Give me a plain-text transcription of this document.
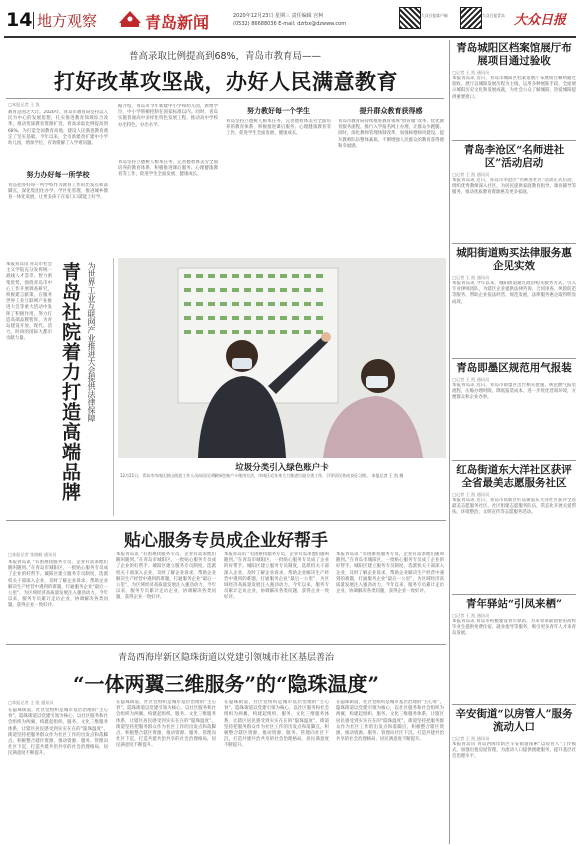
14 地方观察	青岛新闻	2020年12月23日 星期三 责任编辑 宫柯
(0532) 86688036 E-mail: dzrbx@dzwww.com
大众日报客户端	大众日报青岛 大众日报
普高录取比例提高到68%，青岛市教育局——
打好改革攻坚战，办好人民满意教育
□本报记者 王 凯
教育是国之大计。2020年，青岛市教育局坚持以人民为中心的发展思想，扎实推进教育领域综合改革，推动优质教育资源扩容，普高录取比例提高到68%，为打造全国教育高地、建设人民满意教育奠定了坚实基础。今年以来，全市新建改扩建中小学幼儿园，增加学位，有效缓解了入学难问题。
努力办好每一所学校
青岛把办好每一所学校作为教育工作的出发点和落脚点，深化集团化办学、学区化管理，推进城乡教育一体化发展，让更多孩子在家门口就能上好学。
据介绍，青岛市今年新建中小学和幼儿园，新增学位，中小学班额控制在国家标准以内。同时，青岛实施普通高中多样化特色发展工程，推动高中学校办出特色、办出水平。
青岛坚持立德树人根本任务，完善德智体美劳全面培养的教育体系，积极推进课后服务、心理健康教育等工作，促进学生全面发展、健康成长。
努力教好每一个学生
青岛坚持立德树人根本任务，完善德智体美劳全面培养的教育体系，积极推进课后服务、心理健康教育等工作，促进学生全面发展、健康成长。
提升群众教育获得感
青岛市教育局持续推进教育领域“放管服”改革，优化教育服务流程，推行入学报名网上办理，让群众少跑腿。同时，深化教师管理体制改革，加强师德师风建设，提升教师队伍整体素质，不断增强人民群众的教育获得感和幸福感。
垃圾分类引入绿色账户卡
12月21日，青岛市市南区湛山街道工作人员向居民讲解绿色账户卡使用方法，市南区近年来大力推进垃圾分类工作，引导居民养成良好习惯。 本报记者 王 凯 摄
为世界工业互联网产业推进大会提供法律保障
青岛社院着力打造高端品牌
本报青岛讯 青岛市社会主义学院充分发挥统一战线人才荟萃、智力密集优势，围绕青岛市中心工作开展调查研究，积极建言献策，在服务世界工业互联网产业推进大会等重大活动中发挥了积极作用，努力打造高端品牌智库，为青岛建设开放、现代、活力、时尚的国际大都市贡献力量。
贴心服务专员成企业好帮手
□本报记者 张晓帆 通讯员
本报青岛讯 “有困难找服务专员，企业有需求他们随叫随到。”在青岛市城阳区，一批贴心服务专员成了企业的好帮手。城阳区建立服务专员制度，选派机关干部深入企业，及时了解企业诉求，帮助企业解决生产经营中遇到的难题，打通服务企业“最后一公里”，为区域经济高质量发展注入强劲动力。今年以来，服务专员累计走访企业，协调解决各类问题，获得企业一致好评。
本报青岛讯 “有困难找服务专员，企业有需求他们随叫随到。”在青岛市城阳区，一批贴心服务专员成了企业的好帮手。城阳区建立服务专员制度，选派机关干部深入企业，及时了解企业诉求，帮助企业解决生产经营中遇到的难题，打通服务企业“最后一公里”，为区域经济高质量发展注入强劲动力。今年以来，服务专员累计走访企业，协调解决各类问题，获得企业一致好评。
本报青岛讯 “有困难找服务专员，企业有需求他们随叫随到。”在青岛市城阳区，一批贴心服务专员成了企业的好帮手。城阳区建立服务专员制度，选派机关干部深入企业，及时了解企业诉求，帮助企业解决生产经营中遇到的难题，打通服务企业“最后一公里”，为区域经济高质量发展注入强劲动力。今年以来，服务专员累计走访企业，协调解决各类问题，获得企业一致好评。
本报青岛讯 “有困难找服务专员，企业有需求他们随叫随到。”在青岛市城阳区，一批贴心服务专员成了企业的好帮手。城阳区建立服务专员制度，选派机关干部深入企业，及时了解企业诉求，帮助企业解决生产经营中遇到的难题，打通服务企业“最后一公里”，为区域经济高质量发展注入强劲动力。今年以来，服务专员累计走访企业，协调解决各类问题，获得企业一致好评。
青岛西海岸新区隐珠街道以党建引领城市社区基层善治
“一体两翼三维服务”的“隐珠温度”
□本报记者 王 凯 通讯员
在隐珠街道，社区党组织是城市基层治理的“主心骨”。隐珠街道以党建引领为核心，以社区服务和社会组织为两翼，构建起组织、服务、文化三维服务体系，让辖区居民感受到实实在在的“隐珠温度”。街道坚持把服务群众作为社区工作的出发点和落脚点，积极整合辖区资源，推动资源、服务、管理向社区下沉，打造共建共治共享的社会治理格局，居民满意度不断提升。
在隐珠街道，社区党组织是城市基层治理的“主心骨”。隐珠街道以党建引领为核心，以社区服务和社会组织为两翼，构建起组织、服务、文化三维服务体系，让辖区居民感受到实实在在的“隐珠温度”。街道坚持把服务群众作为社区工作的出发点和落脚点，积极整合辖区资源，推动资源、服务、管理向社区下沉，打造共建共治共享的社会治理格局，居民满意度不断提升。
在隐珠街道，社区党组织是城市基层治理的“主心骨”。隐珠街道以党建引领为核心，以社区服务和社会组织为两翼，构建起组织、服务、文化三维服务体系，让辖区居民感受到实实在在的“隐珠温度”。街道坚持把服务群众作为社区工作的出发点和落脚点，积极整合辖区资源，推动资源、服务、管理向社区下沉，打造共建共治共享的社会治理格局，居民满意度不断提升。
在隐珠街道，社区党组织是城市基层治理的“主心骨”。隐珠街道以党建引领为核心，以社区服务和社会组织为两翼，构建起组织、服务、文化三维服务体系，让辖区居民感受到实实在在的“隐珠温度”。街道坚持把服务群众作为社区工作的出发点和落脚点，积极整合辖区资源，推动资源、服务、管理向社区下沉，打造共建共治共享的社会治理格局，居民满意度不断提升。
青岛城阳区档案馆展厅布展项目通过验收
□记者 王 凯 通讯员
本报青岛讯 近日，青岛市城阳区档案馆展厅布展项目顺利通过验收。展厅以城阳发展历程为主线，运用多种展陈手段，全面展示城阳历史文化和发展成就，为社会公众了解城阳、热爱城阳提供重要窗口。
青岛李沧区“名师进社区”活动启动
□记者 王 凯 通讯员
本报青岛讯 近日，青岛市李沧区“名师进社区”活动正式启动，组织优秀教师深入社区，为居民提供家庭教育指导、课业辅导等服务，推动优质教育资源惠及更多家庭。
城阳街道购买法律服务惠企见实效
□记者 王 凯 通讯员
本报青岛讯 今年以来，城阳街道通过政府购买服务方式，引入专业律师团队，为辖区企业提供法律咨询、合同审查、风险防范等服务，帮助企业依法经营、规范发展，法律服务惠企取得明显成效。
青岛即墨区规范用气报装
□记者 王 凯 通讯员
本报青岛讯 近日，青岛市即墨区出台相关措施，规范燃气报装流程，压缩办理时限，降低报装成本，进一步优化营商环境，方便群众和企业办事。
红岛街道东大洋社区获评全省最美志愿服务社区
□记者 王 凯 通讯员
本报青岛讯 近日，青岛市高新区红岛街道东大洋社区获评全省最美志愿服务社区。社区组建志愿服务队伍，常态化开展关爱帮扶、环境整治、文明宣传等志愿服务活动。
青年驿站“引凤来栖”
□记者 王 凯 通讯员
本报青岛讯 青岛市积极建设青年驿站，为来青求职创业的高校毕业生提供免费住宿、就业指导等服务，吸引更多青年人才来青岛发展。
辛安街道“以房管人”服务流动人口
□记者 王 凯 通讯员
本报青岛讯 青岛西海岸新区辛安街道探索“以房管人”工作模式，加强出租房屋管理，为流动人口提供便捷服务，提升基层社会治理水平。
